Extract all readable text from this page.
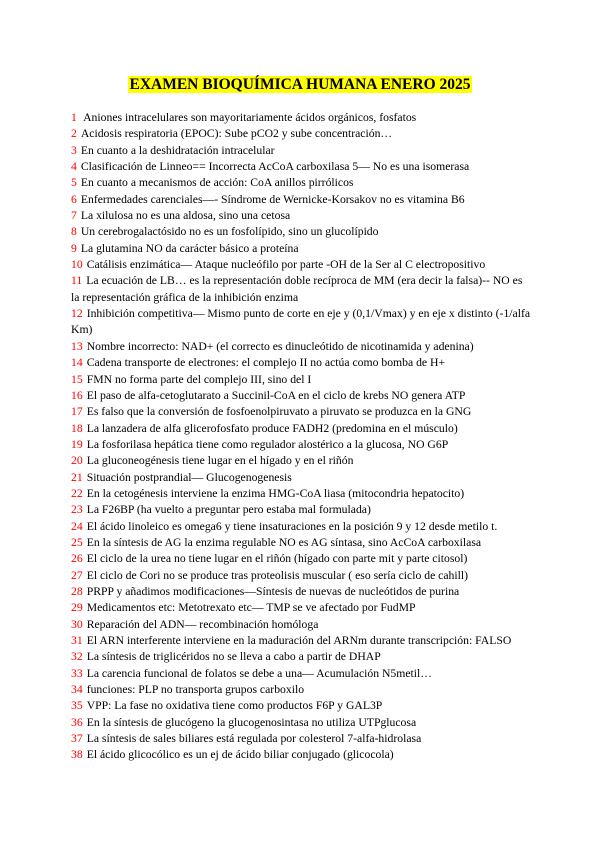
EXAMEN BIOQUÍMICA HUMANA ENERO 2025
1 Aniones intracelulares son mayoritariamente ácidos orgánicos, fosfatos
2 Acidosis respiratoria (EPOC): Sube pCO2 y sube concentración…
3 En cuanto a la deshidratación intracelular
4 Clasificación de Linneo== Incorrecta AcCoA carboxilasa 5— No es una isomerasa
5 En cuanto a mecanismos de acción: CoA anillos pirrólicos
6 Enfermedades carenciales—- Síndrome de Wernicke-Korsakov no es vitamina B6
7 La xilulosa no es una aldosa, sino una cetosa
8 Un cerebrogalactósido no es un fosfolípido, sino un glucolípido
9 La glutamina NO da carácter básico a proteína
10 Catálisis enzimática— Ataque nucleófilo por parte -OH de la Ser al C electropositivo
11 La ecuación de LB… es la representación doble recíproca de MM (era decir la falsa)-- NO es la representación gráfica de la inhibición enzima
12 Inhibición competitiva— Mismo punto de corte en eje y (0,1/Vmax) y en eje x distinto (-1/alfa Km)
13 Nombre incorrecto: NAD+ (el correcto es dinucleótido de nicotinamida y adenina)
14 Cadena transporte de electrones: el complejo II no actúa como bomba de H+
15 FMN no forma parte del complejo III, sino del I
16 El paso de alfa-cetoglutarato a Succinil-CoA en el ciclo de krebs NO genera ATP
17 Es falso que la conversión de fosfoenolpiruvato a piruvato se produzca en la GNG
18 La lanzadera de alfa glicerofosfato produce FADH2 (predomina en el músculo)
19 La fosforilasa hepática tiene como regulador alostérico a la glucosa, NO G6P
20 La gluconeogénesis tiene lugar en el hígado y en el riñón
21 Situación postprandial— Glucogenogenesis
22 En la cetogénesis interviene la enzima HMG-CoA liasa (mitocondria hepatocito)
23 La F26BP (ha vuelto a preguntar pero estaba mal formulada)
24 El ácido linoleico es omega6 y tiene insaturaciones en la posición 9 y 12 desde metilo t.
25 En la síntesis de AG la enzima regulable NO es AG síntasa, sino AcCoA carboxilasa
26 El ciclo de la urea no tiene lugar en el riñón (hígado con parte mit y parte citosol)
27 El ciclo de Cori no se produce tras proteolisis muscular ( eso sería ciclo de cahill)
28 PRPP y añadimos modificaciones—Síntesis de nuevas de nucleótidos de purina
29 Medicamentos etc: Metotrexato etc— TMP se ve afectado por FudMP
30 Reparación del ADN— recombinación homóloga
31 El ARN interferente interviene en la maduración del ARNm durante transcripción: FALSO
32 La síntesis de triglicéridos no se lleva a cabo a partir de DHAP
33 La carencia funcional de folatos se debe a una— Acumulación N5metil…
34 funciones: PLP no transporta grupos carboxilo
35 VPP: La fase no oxidativa tiene como productos F6P y GAL3P
36 En la síntesis de glucógeno la glucogenosintasa no utiliza UTPglucosa
37 La síntesis de sales biliares está regulada por colesterol 7-alfa-hidrolasa
38 El ácido glicocólico es un ej de ácido biliar conjugado (glicocola)
